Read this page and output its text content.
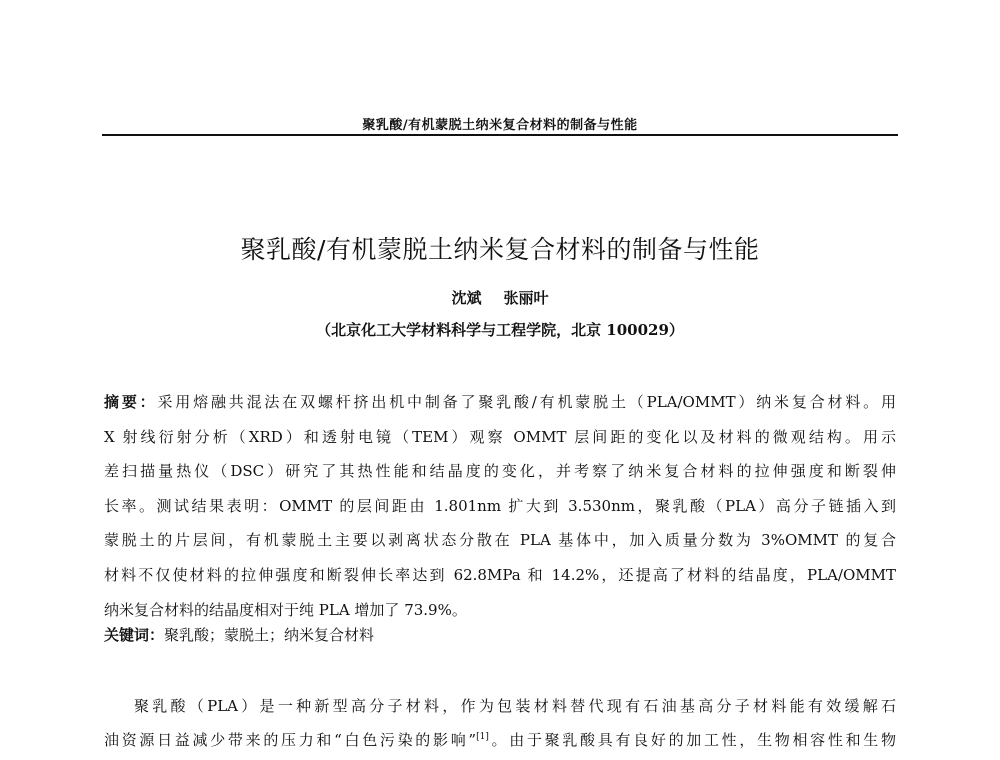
聚乳酸/有机蒙脱土纳米复合材料的制备与性能
聚乳酸/有机蒙脱土纳米复合材料的制备与性能
沈斌 张丽叶
（北京化工大学材料科学与工程学院，北京 100029）
摘要：采用熔融共混法在双螺杆挤出机中制备了聚乳酸/有机蒙脱土（PLA/OMMT）纳米复合材料。用
X 射线衍射分析（XRD）和透射电镜（TEM）观察 OMMT 层间距的变化以及材料的微观结构。用示
差扫描量热仪（DSC）研究了其热性能和结晶度的变化，并考察了纳米复合材料的拉伸强度和断裂伸
长率。测试结果表明：OMMT 的层间距由 1.801nm 扩大到 3.530nm，聚乳酸（PLA）高分子链插入到
蒙脱土的片层间，有机蒙脱土主要以剥离状态分散在 PLA 基体中，加入质量分数为 3%OMMT 的复合
材料不仅使材料的拉伸强度和断裂伸长率达到 62.8MPa 和 14.2%，还提高了材料的结晶度，PLA/OMMT
纳米复合材料的结晶度相对于纯 PLA 增加了 73.9%。
关键词：聚乳酸；蒙脱土；纳米复合材料
聚乳酸（PLA）是一种新型高分子材料，作为包装材料替代现有石油基高分子材料能有效缓解石
油资源日益减少带来的压力和“白色污染的影响”[1]。由于聚乳酸具有良好的加工性，生物相容性和生物
